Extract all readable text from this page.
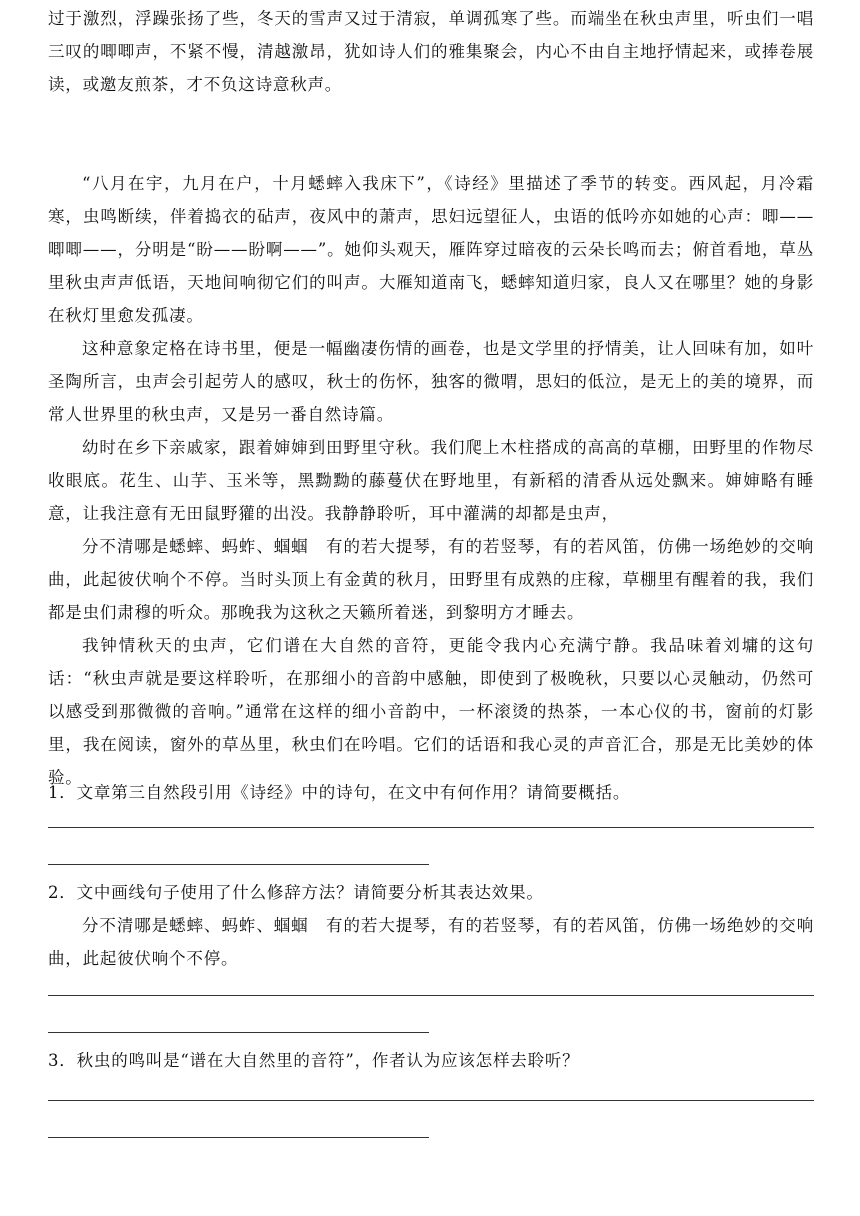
过于激烈，浮躁张扬了些，冬天的雪声又过于清寂，单调孤寒了些。而端坐在秋虫声里，听虫们一唱三叹的唧唧声，不紧不慢，清越激昂，犹如诗人们的雅集聚会，内心不由自主地抒情起来，或捧卷展读，或邀友煎茶，才不负这诗意秋声。

“八月在宇，九月在户，十月蟋蟀入我床下”，《诗经》里描述了季节的转变。西风起，月冷霜寒，虫鸣断续，伴着捣衣的砧声，夜风中的萧声，思妇远望征人，虫语的低吟亦如她的心声：唧——唧唧——，分明是“盼——盼啊——”。她仰头观天，雁阵穿过暗夜的云朵长鸣而去；俯首看地，草丛里秋虫声声低语，天地间响彻它们的叫声。大雁知道南飞，蟋蟀知道归家，良人又在哪里？她的身影在秋灯里愈发孤凄。

这种意象定格在诗书里，便是一幅幽凄伤情的画卷，也是文学里的抒情美，让人回味有加，如叶圣陶所言，虫声会引起劳人的感叹，秋士的伤怀，独客的微喟，思妇的低泣，是无上的美的境界，而常人世界里的秋虫声，又是另一番自然诗篇。

幼时在乡下亲戚家，跟着婶婶到田野里守秋。我们爬上木柱搭成的高高的草棚，田野里的作物尽收眼底。花生、山芋、玉米等，黑黝黝的藤蔓伏在野地里，有新稻的清香从远处飘来。婶婶略有睡意，让我注意有无田鼠野獾的出没。我静静聆听，耳中灌满的却都是虫声，

分不清哪是蟋蟀、蚂蚱、蝈蝈　有的若大提琴，有的若竖琴，有的若风笛，仿佛一场绝妙的交响曲，此起彼伏响个不停。当时头顶上有金黄的秋月，田野里有成熟的庄稼，草棚里有醒着的我，我们都是虫们肃穆的听众。那晚我为这秋之天籁所着迷，到黎明方才睡去。

我钟情秋天的虫声，它们谱在大自然的音符，更能令我内心充满宁静。我品味着刘墉的这句话：“秋虫声就是要这样聆听，在那细小的音韵中感触，即使到了极晚秋，只要以心灵触动，仍然可以感受到那微微的音响。”通常在这样的细小音韵中，一杯滚烫的热茶，一本心仪的书，窗前的灯影里，我在阅读，窗外的草丛里，秋虫们在吟唱。它们的话语和我心灵的声音汇合，那是无比美妙的体验。

1．文章第三自然段引用《诗经》中的诗句，在文中有何作用？请简要概括。

2．文中画线句子使用了什么修辞方法？请简要分析其表达效果。

分不清哪是蟋蟀、蚂蚱、蝈蝈　有的若大提琴，有的若竖琴，有的若风笛，仿佛一场绝妙的交响曲，此起彼伏响个不停。

3．秋虫的鸣叫是“谱在大自然里的音符”，作者认为应该怎样去聆听？
